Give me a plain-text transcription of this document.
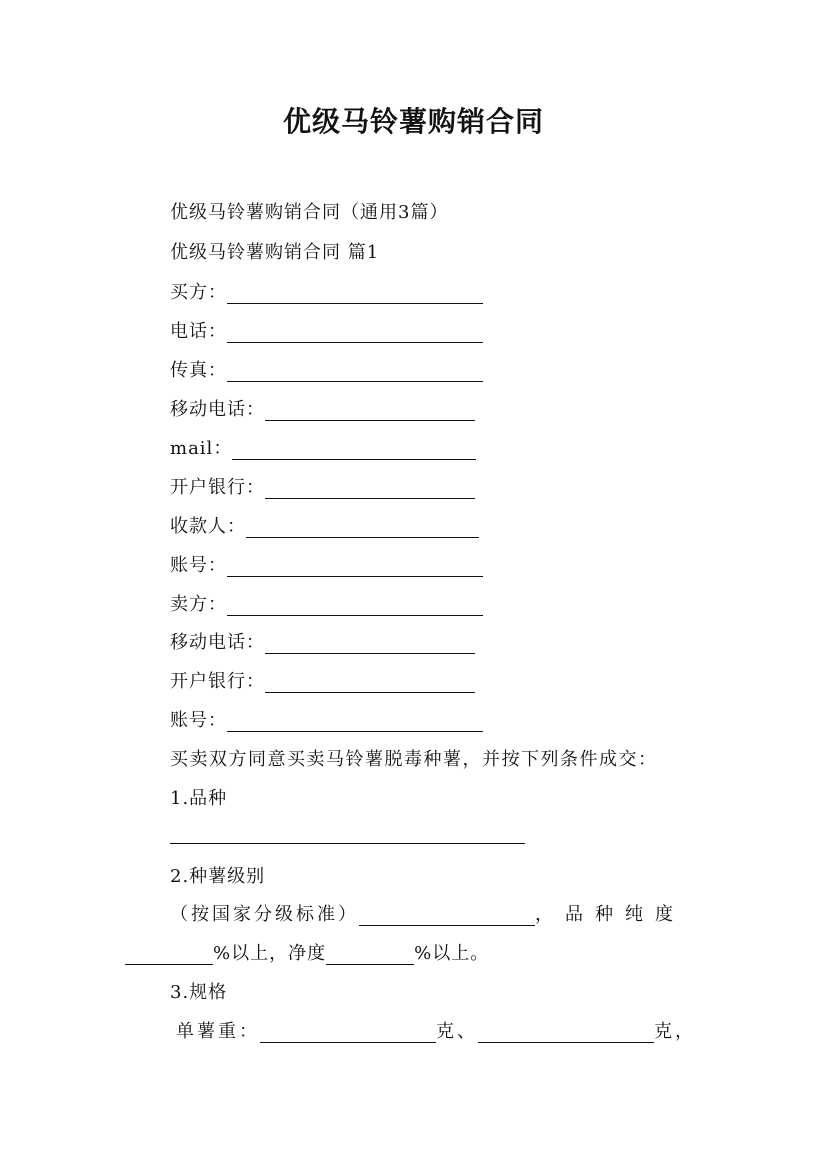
优级马铃薯购销合同
优级马铃薯购销合同（通用3篇）
优级马铃薯购销合同 篇1
买方：
电话：
传真：
移动电话：
mail：
开户银行：
收款人：
账号：
卖方：
移动电话：
开户银行：
账号：
买卖双方同意买卖马铃薯脱毒种薯，并按下列条件成交：
1.品种
2.种薯级别
（按国家分级标准）	，品种纯度
%以上，净度	%以上。
3.规格
单薯重：	克、	克，
